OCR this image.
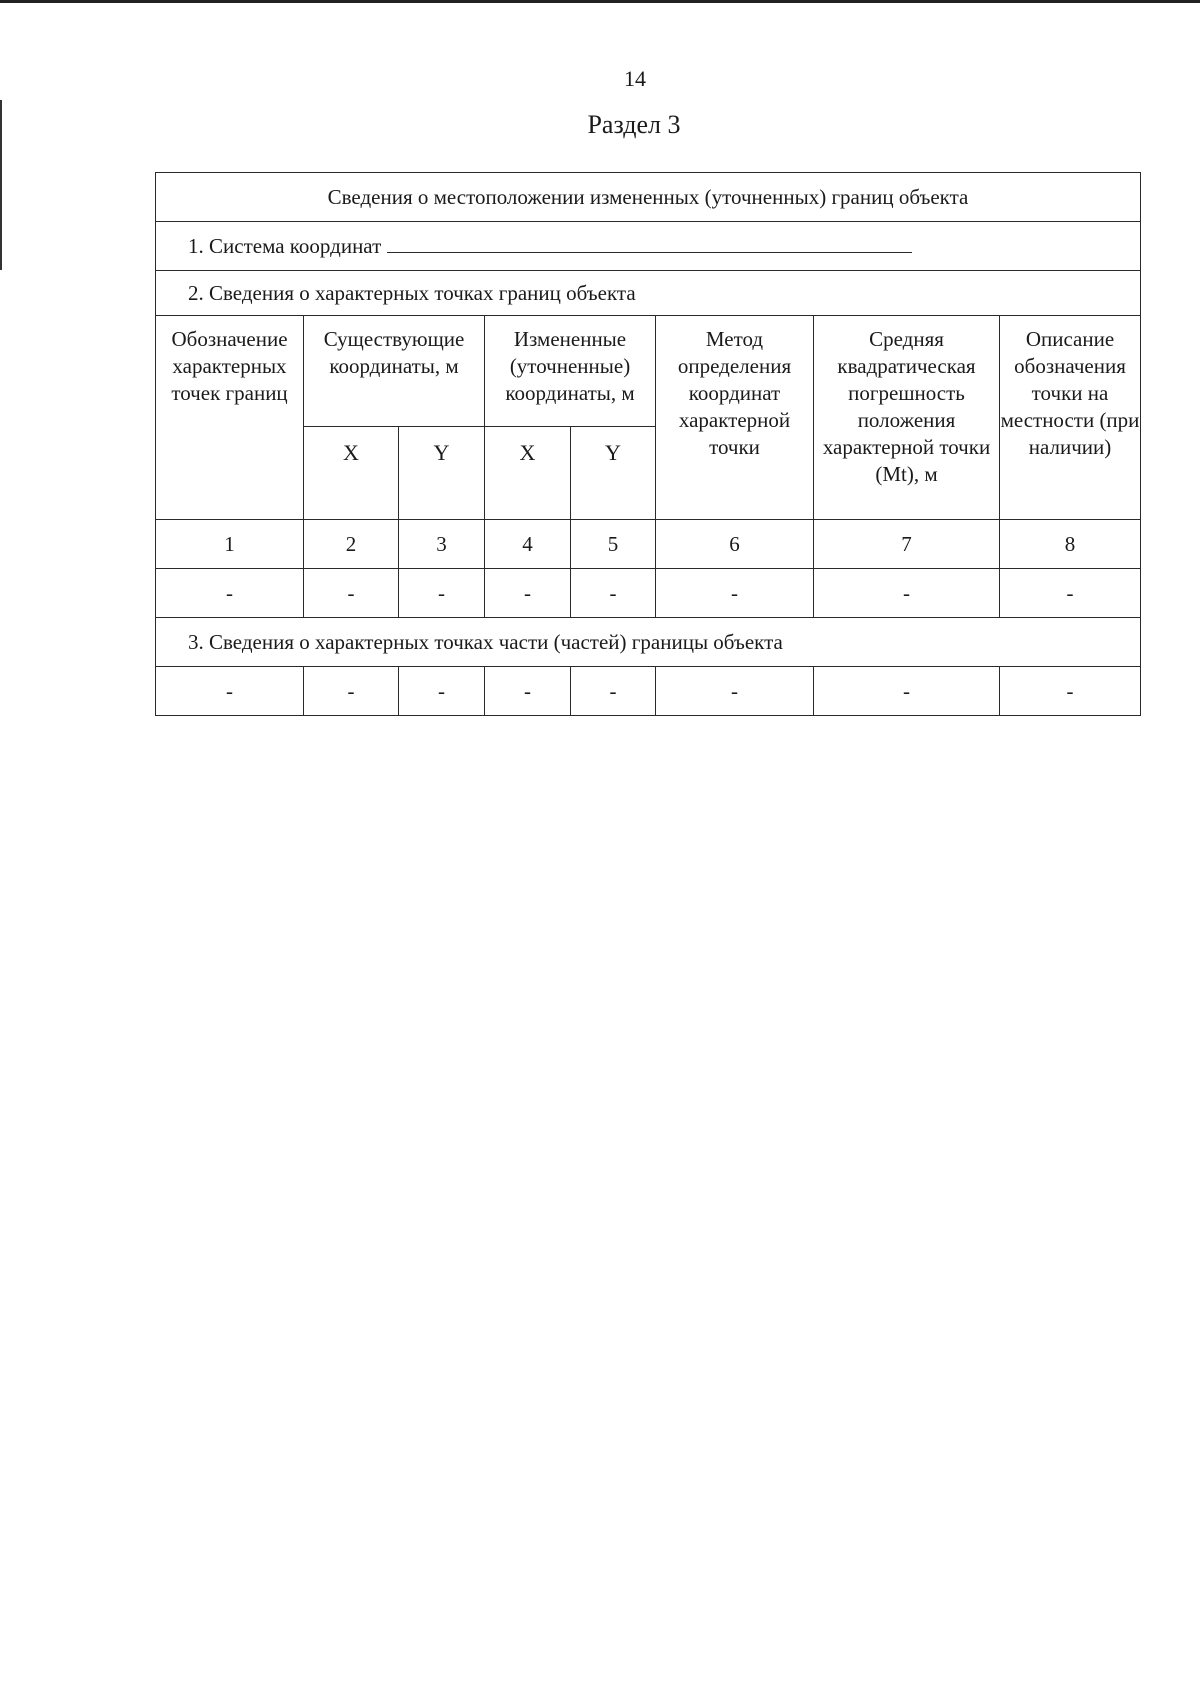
14
Раздел 3
Сведения о местоположении измененных (уточненных) границ объекта							
1. Система координат							
2. Сведения о характерных точках границ объекта							
Обозначение характерных точек границ	Существующие координаты, м		Измененные (уточненные) координаты, м		Метод определения координат характерной точки	Средняя квадратическая погрешность положения характерной точки (Mt), м	Описание обозначения точки на местности (при наличии)
	X	Y	X	Y			
1	2	3	4	5	6	7	8
-	-	-	-	-	-	-	-
3. Сведения о характерных точках части (частей) границы объекта							
-	-	-	-	-	-	-	-
